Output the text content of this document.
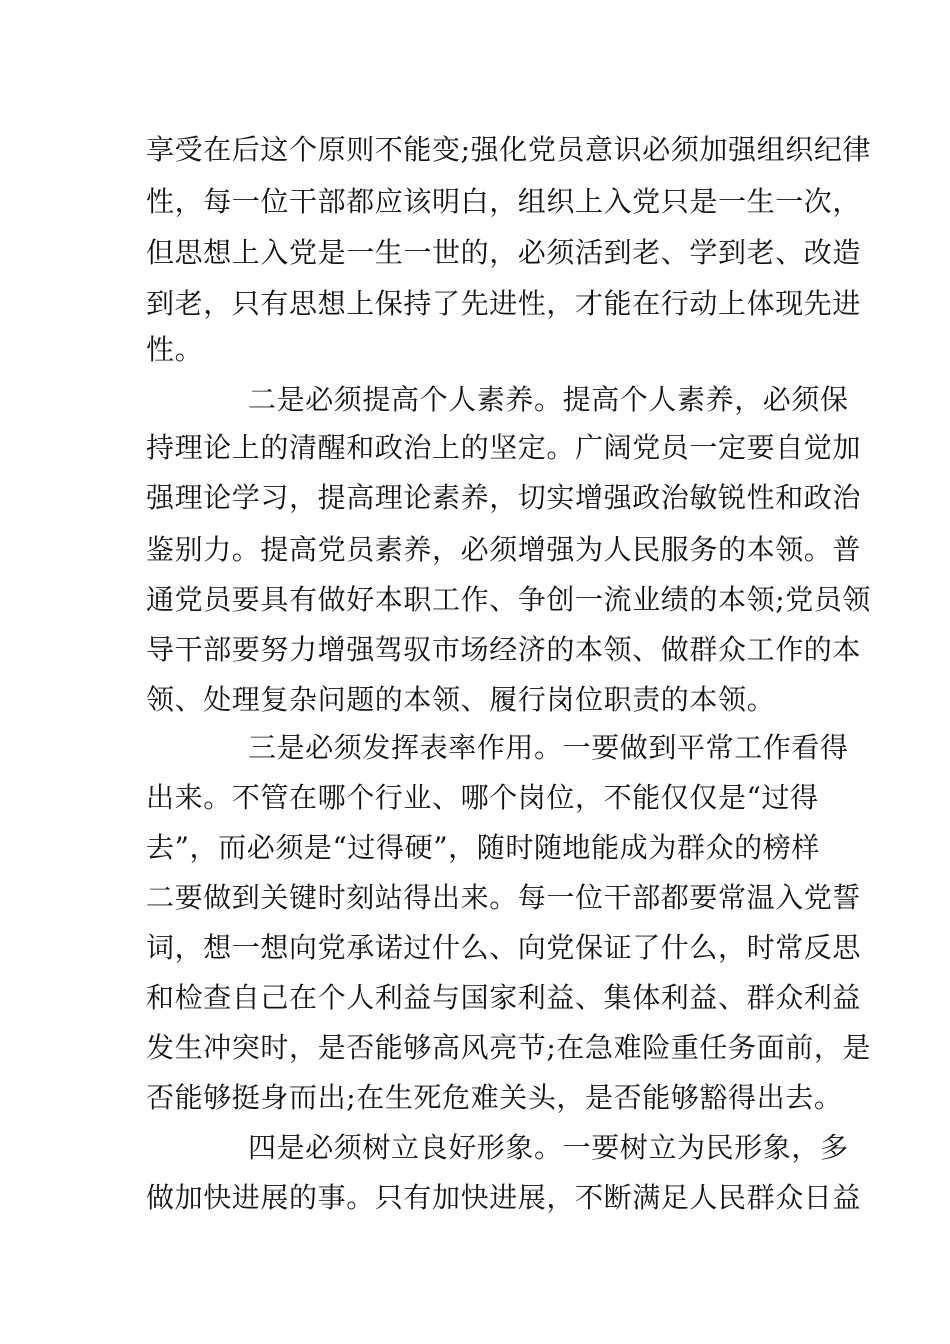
享受在后这个原则不能变;强化党员意识必须加强组织纪律
性，每一位干部都应该明白，组织上入党只是一生一次，
但思想上入党是一生一世的，必须活到老、学到老、改造
到老，只有思想上保持了先进性，才能在行动上体现先进
性。
二是必须提高个人素养。提高个人素养，必须保
持理论上的清醒和政治上的坚定。广阔党员一定要自觉加
强理论学习，提高理论素养，切实增强政治敏锐性和政治
鉴别力。提高党员素养，必须增强为人民服务的本领。普
通党员要具有做好本职工作、争创一流业绩的本领;党员领
导干部要努力增强驾驭市场经济的本领、做群众工作的本
领、处理复杂问题的本领、履行岗位职责的本领。
三是必须发挥表率作用。一要做到平常工作看得
出来。不管在哪个行业、哪个岗位，不能仅仅是“过得
去”，而必须是“过得硬”，随时随地能成为群众的榜样
二要做到关键时刻站得出来。每一位干部都要常温入党誓
词，想一想向党承诺过什么、向党保证了什么，时常反思
和检查自己在个人利益与国家利益、集体利益、群众利益
发生冲突时，是否能够高风亮节;在急难险重任务面前，是
否能够挺身而出;在生死危难关头，是否能够豁得出去。
四是必须树立良好形象。一要树立为民形象，多
做加快进展的事。只有加快进展，不断满足人民群众日益
